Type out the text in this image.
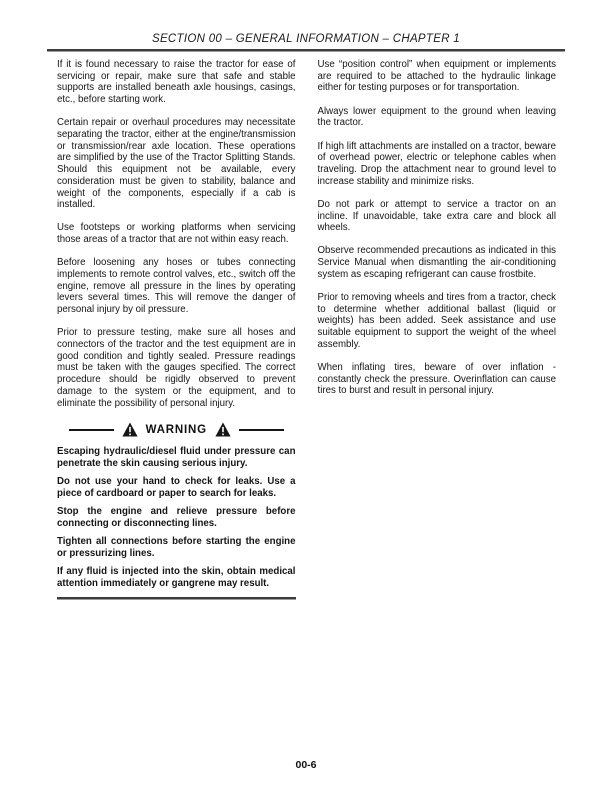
SECTION 00 – GENERAL INFORMATION – CHAPTER 1

If it is found necessary to raise the tractor for ease of servicing or repair, make sure that safe and stable supports are installed beneath axle housings, casings, etc., before starting work.

Certain repair or overhaul procedures may necessitate separating the tractor, either at the engine/transmission or transmission/rear axle location. These operations are simplified by the use of the Tractor Splitting Stands. Should this equipment not be available, every consideration must be given to stability, balance and weight of the components, especially if a cab is installed.

Use footsteps or working platforms when servicing those areas of a tractor that are not within easy reach.

Before loosening any hoses or tubes connecting implements to remote control valves, etc., switch off the engine, remove all pressure in the lines by operating levers several times. This will remove the danger of personal injury by oil pressure.

Prior to pressure testing, make sure all hoses and connectors of the tractor and the test equipment are in good condition and tightly sealed. Pressure readings must be taken with the gauges specified. The correct procedure should be rigidly observed to prevent damage to the system or the equipment, and to eliminate the possibility of personal injury.

WARNING

Escaping hydraulic/diesel fluid under pressure can penetrate the skin causing serious injury.

Do not use your hand to check for leaks. Use a piece of cardboard or paper to search for leaks.

Stop the engine and relieve pressure before connecting or disconnecting lines.

Tighten all connections before starting the engine or pressurizing lines.

If any fluid is injected into the skin, obtain medical attention immediately or gangrene may result.

Use “position control” when equipment or implements are required to be attached to the hydraulic linkage either for testing purposes or for transportation.

Always lower equipment to the ground when leaving the tractor.

If high lift attachments are installed on a tractor, beware of overhead power, electric or telephone cables when traveling. Drop the attachment near to ground level to increase stability and minimize risks.

Do not park or attempt to service a tractor on an incline. If unavoidable, take extra care and block all wheels.

Observe recommended precautions as indicated in this Service Manual when dismantling the air-conditioning system as escaping refrigerant can cause frostbite.

Prior to removing wheels and tires from a tractor, check to determine whether additional ballast (liquid or weights) has been added. Seek assistance and use suitable equipment to support the weight of the wheel assembly.

When inflating tires, beware of over inflation - constantly check the pressure. Overinflation can cause tires to burst and result in personal injury.

00-6
